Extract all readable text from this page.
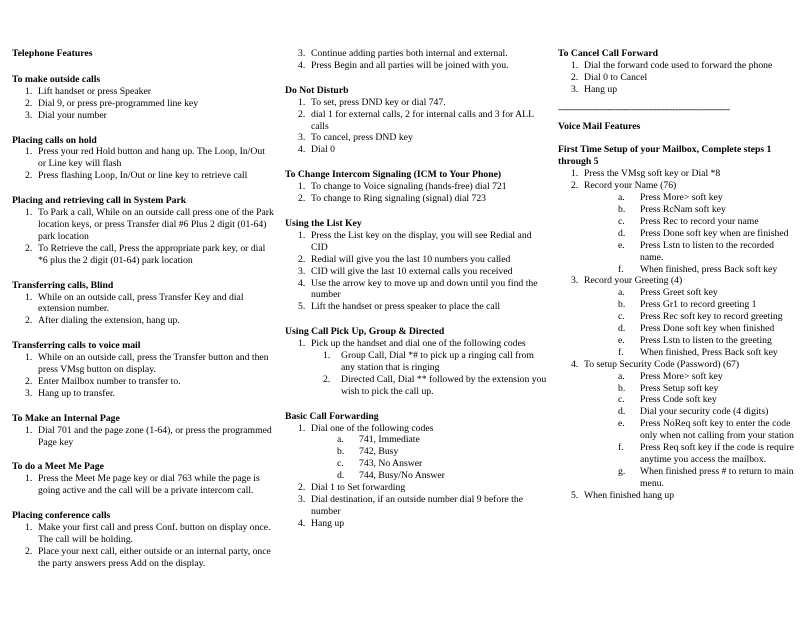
Telephone Features

To make outside calls

1. Lift handset or press Speaker
2. Dial 9, or press pre-programmed line key
3. Dial your number

Placing calls on hold

1. Press your red Hold button and hang up. The Loop, In/Out or Line key will flash
2. Press flashing Loop, In/Out or line key to retrieve call

Placing and retrieving call in System Park

1. To Park a call, While on an outside call press one of the Park location keys, or press Transfer dial #6 Plus 2 digit (01-64) park location
2. To Retrieve the call, Press the appropriate park key, or dial *6 plus the 2 digit (01-64) park location

Transferring calls, Blind

1. While on an outside call, press Transfer Key and dial extension number.
2. After dialing the extension, hang up.

Transferring calls to voice mail

1. While on an outside call, press the Transfer button and then press VMsg button on display.
2. Enter Mailbox number to transfer to.
3. Hang up to transfer.

To Make an Internal Page

1. Dial 701 and the page zone (1-64), or press the programmed Page key

To do a Meet Me Page

1. Press the Meet Me page key or dial 763 while the page is going active and the call will be a private intercom call.

Placing conference calls

1. Make your first call and press Conf. button on display once. The call will be holding.
2. Place your next call, either outside or an internal party, once the party answers press Add on the display.
3. Continue adding parties both internal and external.
4. Press Begin and all parties will be joined with you.

Do Not Disturb

1. To set, press DND key or dial 747.
2. dial 1 for external calls, 2 for internal calls and 3 for ALL calls
3. To cancel, press DND key
4. Dial 0

To Change Intercom Signaling (ICM to Your Phone)

1. To change to Voice signaling (hands-free) dial 721
2. To change to Ring signaling (signal) dial 723

Using the List Key

1. Press the List key on the display, you will see Redial and CID
2. Redial will give you the last 10 numbers you called
3. CID will give the last 10 external calls you received
4. Use the arrow key to move up and down until you find the number
5. Lift the handset or press speaker to place the call

Using Call Pick Up, Group & Directed

1. Pick up the handset and dial one of the following codes
1. Group Call, Dial *# to pick up a ringing call from any station that is ringing
2. Directed Call, Dial ** followed by the extension you wish to pick the call up.

Basic Call Forwarding

1. Dial one of the following codes
a. 741, Immediate
b. 742, Busy
c. 743, No Answer
d. 744, Busy/No Answer
2. Dial 1 to Set forwarding
3. Dial destination, if an outside number dial 9 before the number
4. Hang up

To Cancel Call Forward

1. Dial the forward code used to forward the phone
2. Dial 0 to Cancel
3. Hang up
---------------------------------------------------------------

Voice Mail Features

First Time Setup of your Mailbox, Complete steps 1 through 5

1. Press the VMsg soft key or Dial *8
2. Record your Name (76)
a. Press More> soft key
b. Press RcNam soft key
c. Press Rec to record your name
d. Press Done soft key when are finished
e. Press Lstn to listen to the recorded name.
f. When finished, press Back soft key
3. Record your Greeting (4)
a. Press Greet soft key
b. Press Gr1 to record greeting 1
c. Press Rec soft key to record greeting
d. Press Done soft key when finished
e. Press Lstn to listen to the greeting
f. When finished, Press Back soft key
4. To setup Security Code (Password) (67)
a. Press More> soft key
b. Press Setup soft key
c. Press Code soft key
d. Dial your security code (4 digits)
e. Press NoReq soft key to enter the code only when not calling from your station
f. Press Req soft key if the code is require anytime you access the mailbox.
g. When finished press # to return to main menu.
5. When finished hang up
